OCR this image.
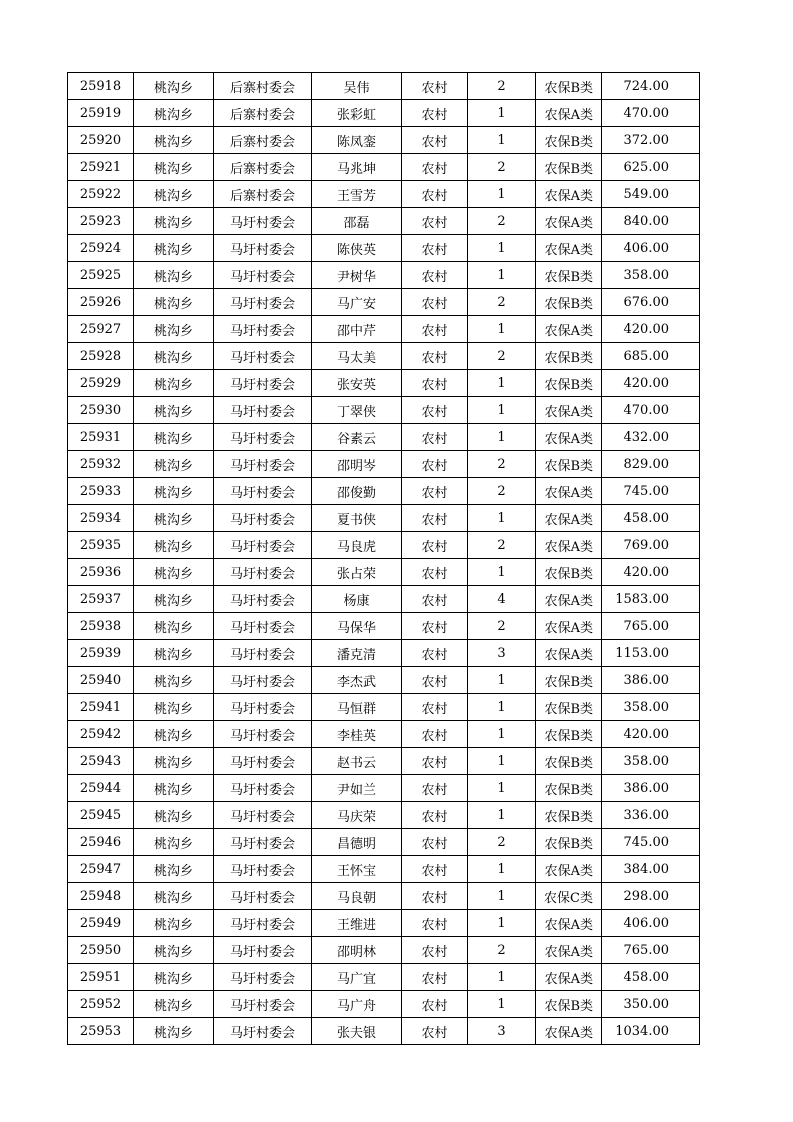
25918	桃沟乡	后寨村委会	吴伟	农村	2	农保B类	724.00
25919	桃沟乡	后寨村委会	张彩虹	农村	1	农保A类	470.00
25920	桃沟乡	后寨村委会	陈凤銮	农村	1	农保B类	372.00
25921	桃沟乡	后寨村委会	马兆坤	农村	2	农保B类	625.00
25922	桃沟乡	后寨村委会	王雪芳	农村	1	农保A类	549.00
25923	桃沟乡	马圩村委会	邵磊	农村	2	农保A类	840.00
25924	桃沟乡	马圩村委会	陈侠英	农村	1	农保A类	406.00
25925	桃沟乡	马圩村委会	尹树华	农村	1	农保B类	358.00
25926	桃沟乡	马圩村委会	马广安	农村	2	农保B类	676.00
25927	桃沟乡	马圩村委会	邵中芹	农村	1	农保A类	420.00
25928	桃沟乡	马圩村委会	马太美	农村	2	农保B类	685.00
25929	桃沟乡	马圩村委会	张安英	农村	1	农保B类	420.00
25930	桃沟乡	马圩村委会	丁翠侠	农村	1	农保A类	470.00
25931	桃沟乡	马圩村委会	谷素云	农村	1	农保A类	432.00
25932	桃沟乡	马圩村委会	邵明岑	农村	2	农保B类	829.00
25933	桃沟乡	马圩村委会	邵俊勤	农村	2	农保A类	745.00
25934	桃沟乡	马圩村委会	夏书侠	农村	1	农保A类	458.00
25935	桃沟乡	马圩村委会	马良虎	农村	2	农保A类	769.00
25936	桃沟乡	马圩村委会	张占荣	农村	1	农保B类	420.00
25937	桃沟乡	马圩村委会	杨康	农村	4	农保A类	1583.00
25938	桃沟乡	马圩村委会	马保华	农村	2	农保A类	765.00
25939	桃沟乡	马圩村委会	潘克清	农村	3	农保A类	1153.00
25940	桃沟乡	马圩村委会	李杰武	农村	1	农保B类	386.00
25941	桃沟乡	马圩村委会	马恒群	农村	1	农保B类	358.00
25942	桃沟乡	马圩村委会	李桂英	农村	1	农保B类	420.00
25943	桃沟乡	马圩村委会	赵书云	农村	1	农保B类	358.00
25944	桃沟乡	马圩村委会	尹如兰	农村	1	农保B类	386.00
25945	桃沟乡	马圩村委会	马庆荣	农村	1	农保B类	336.00
25946	桃沟乡	马圩村委会	昌德明	农村	2	农保B类	745.00
25947	桃沟乡	马圩村委会	王怀宝	农村	1	农保A类	384.00
25948	桃沟乡	马圩村委会	马良朝	农村	1	农保C类	298.00
25949	桃沟乡	马圩村委会	王维进	农村	1	农保A类	406.00
25950	桃沟乡	马圩村委会	邵明林	农村	2	农保A类	765.00
25951	桃沟乡	马圩村委会	马广宜	农村	1	农保A类	458.00
25952	桃沟乡	马圩村委会	马广舟	农村	1	农保B类	350.00
25953	桃沟乡	马圩村委会	张夫银	农村	3	农保A类	1034.00
